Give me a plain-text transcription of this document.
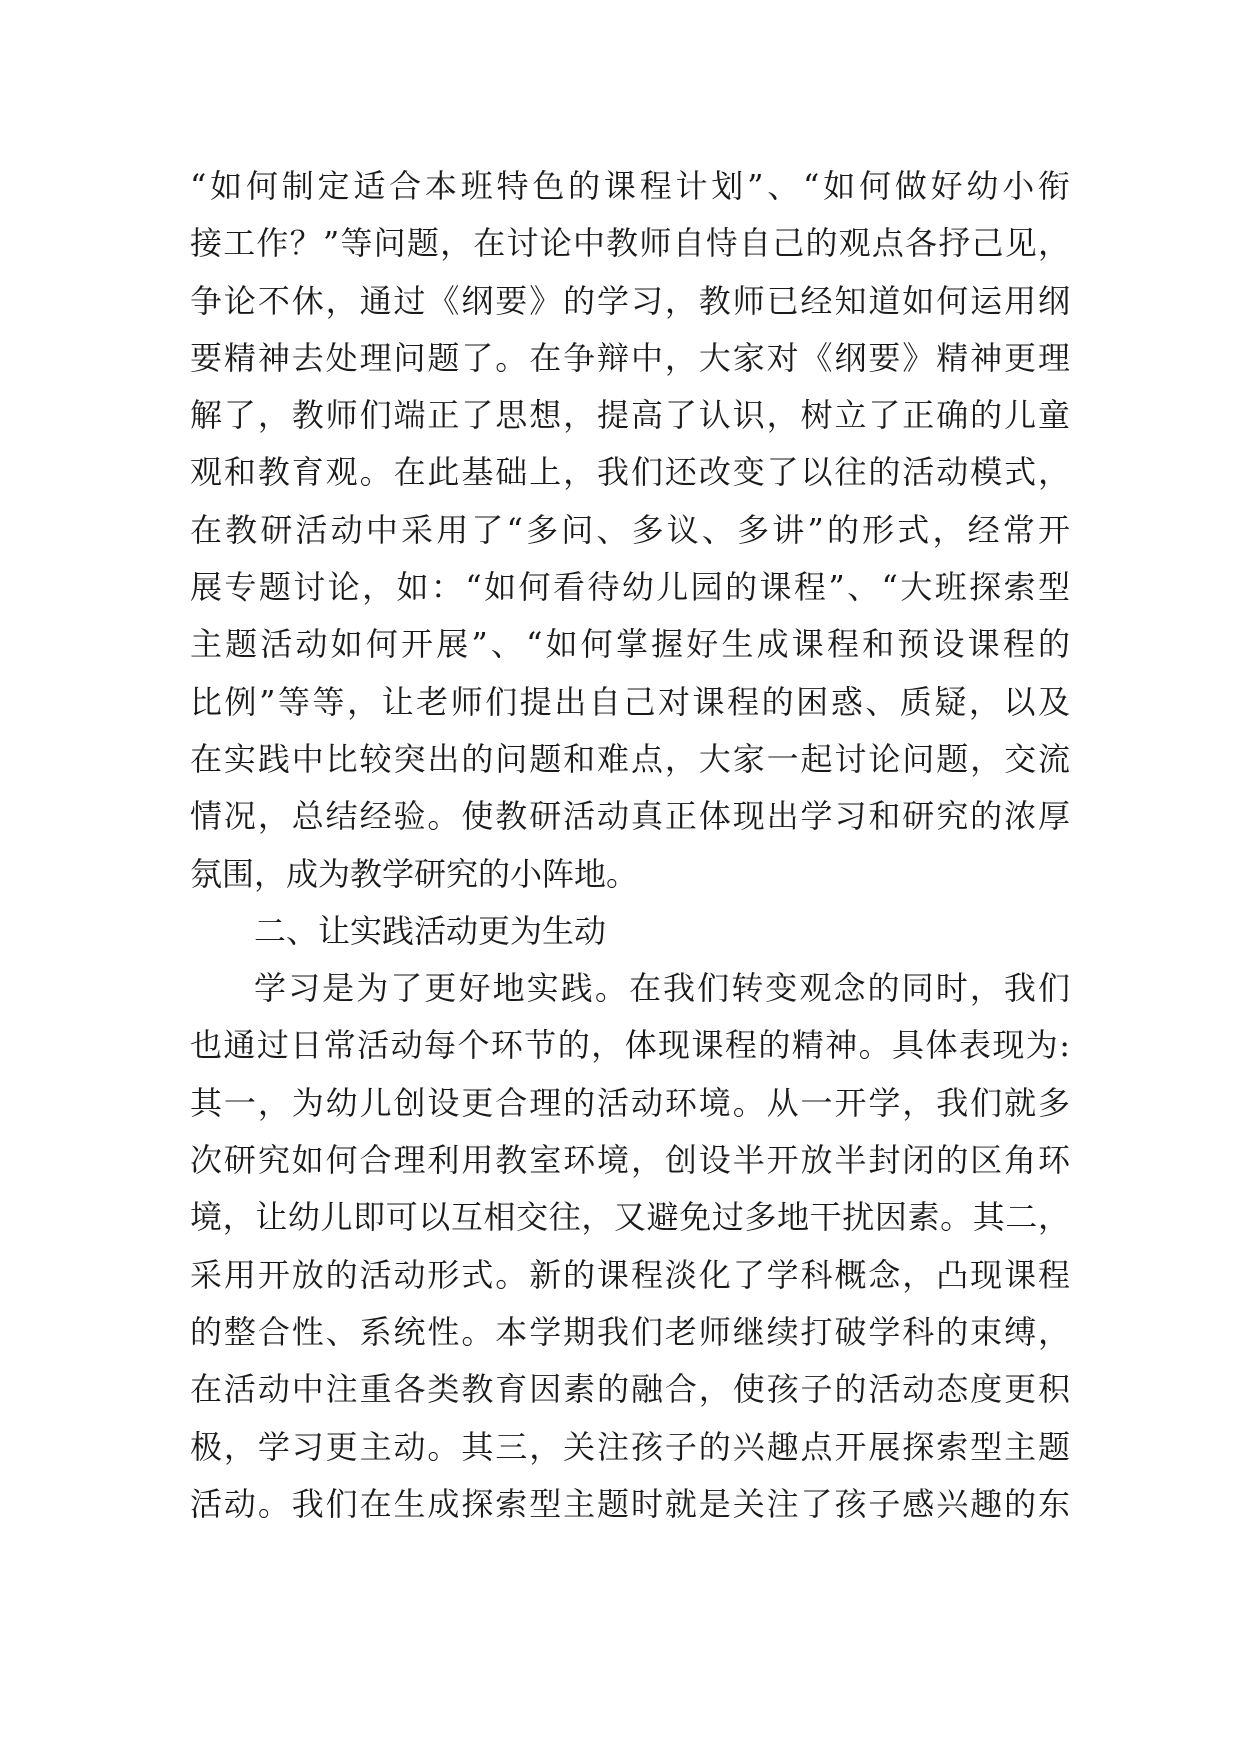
“如何制定适合本班特色的课程计划”、“如何做好幼小衔
接工作？”等问题，在讨论中教师自恃自己的观点各抒己见，
争论不休，通过《纲要》的学习，教师已经知道如何运用纲
要精神去处理问题了。在争辩中，大家对《纲要》精神更理
解了，教师们端正了思想，提高了认识，树立了正确的儿童
观和教育观。在此基础上，我们还改变了以往的活动模式，
在教研活动中采用了“多问、多议、多讲”的形式，经常开
展专题讨论，如：“如何看待幼儿园的课程”、“大班探索型
主题活动如何开展”、“如何掌握好生成课程和预设课程的
比例”等等，让老师们提出自己对课程的困惑、质疑，以及
在实践中比较突出的问题和难点，大家一起讨论问题，交流
情况，总结经验。使教研活动真正体现出学习和研究的浓厚
氛围，成为教学研究的小阵地。
二、让实践活动更为生动
学习是为了更好地实践。在我们转变观念的同时，我们
也通过日常活动每个环节的，体现课程的精神。具体表现为:
其一，为幼儿创设更合理的活动环境。从一开学，我们就多
次研究如何合理利用教室环境，创设半开放半封闭的区角环
境，让幼儿即可以互相交往，又避免过多地干扰因素。其二，
采用开放的活动形式。新的课程淡化了学科概念，凸现课程
的整合性、系统性。本学期我们老师继续打破学科的束缚，
在活动中注重各类教育因素的融合，使孩子的活动态度更积
极，学习更主动。其三，关注孩子的兴趣点开展探索型主题
活动。我们在生成探索型主题时就是关注了孩子感兴趣的东
